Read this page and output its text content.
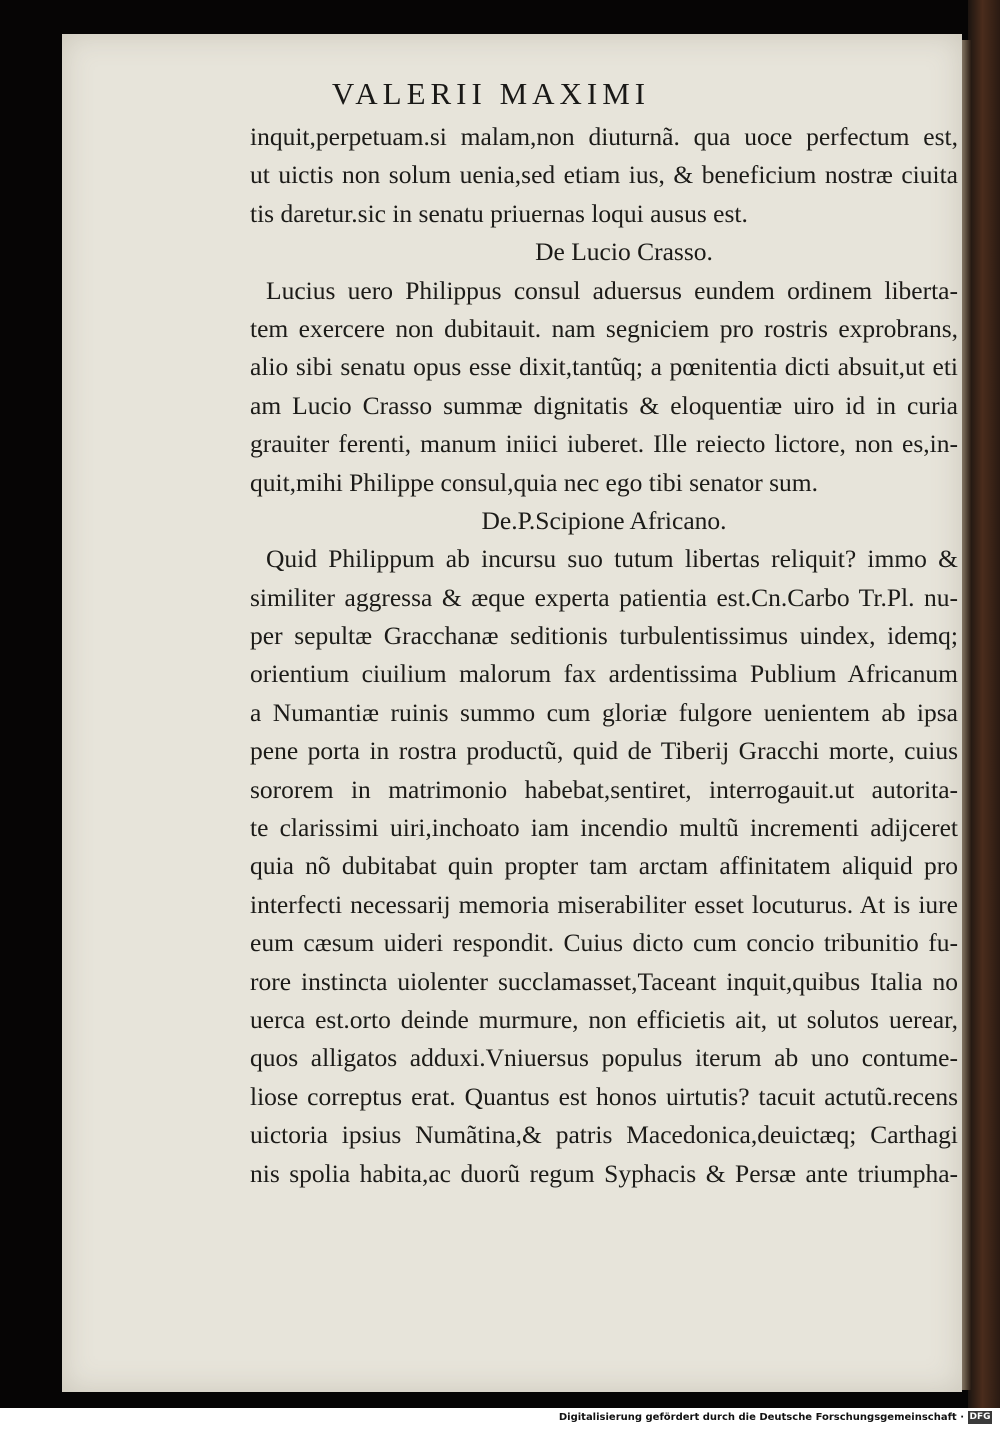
VALERII MAXIMI
inquit,perpetuam.si malam,non diuturnã. qua uoce perfectum est,
ut uictis non solum uenia,sed etiam ius, & beneficium nostræ ciuita
tis daretur.sic in senatu priuernas loqui ausus est.
De Lucio Crasso.
Lucius uero Philippus consul aduersus eundem ordinem liberta-
tem exercere non dubitauit. nam segniciem pro rostris exprobrans,
alio sibi senatu opus esse dixit,tantũq; a pœnitentia dicti absuit,ut eti
am Lucio Crasso summæ dignitatis & eloquentiæ uiro id in curia
grauiter ferenti, manum iniici iuberet. Ille reiecto lictore, non es,in-
quit,mihi Philippe consul,quia nec ego tibi senator sum.
De.P.Scipione Africano.
Quid Philippum ab incursu suo tutum libertas reliquit? immo &
similiter aggressa & æque experta patientia est.Cn.Carbo Tr.Pl. nu-
per sepultæ Gracchanæ seditionis turbulentissimus uindex, idemq;
orientium ciuilium malorum fax ardentissima Publium Africanum
a Numantiæ ruinis summo cum gloriæ fulgore uenientem ab ipsa
pene porta in rostra productũ, quid de Tiberij Gracchi morte, cuius
sororem in matrimonio habebat,sentiret, interrogauit.ut autorita-
te clarissimi uiri,inchoato iam incendio multũ incrementi adijceret
quia nõ dubitabat quin propter tam arctam affinitatem aliquid pro
interfecti necessarij memoria miserabiliter esset locuturus. At is iure
eum cæsum uideri respondit. Cuius dicto cum concio tribunitio fu-
rore instincta uiolenter succlamasset,Taceant inquit,quibus Italia no
uerca est.orto deinde murmure, non efficietis ait, ut solutos uerear,
quos alligatos adduxi.Vniuersus populus iterum ab uno contume-
liose correptus erat. Quantus est honos uirtutis? tacuit actutũ.recens
uictoria ipsius Numãtina,& patris Macedonica,deuictæq; Carthagi
nis spolia habita,ac duorũ regum Syphacis & Persæ ante triumpha-
Digitalisierung gefördert durch die Deutsche Forschungsgemeinschaft · DFG
